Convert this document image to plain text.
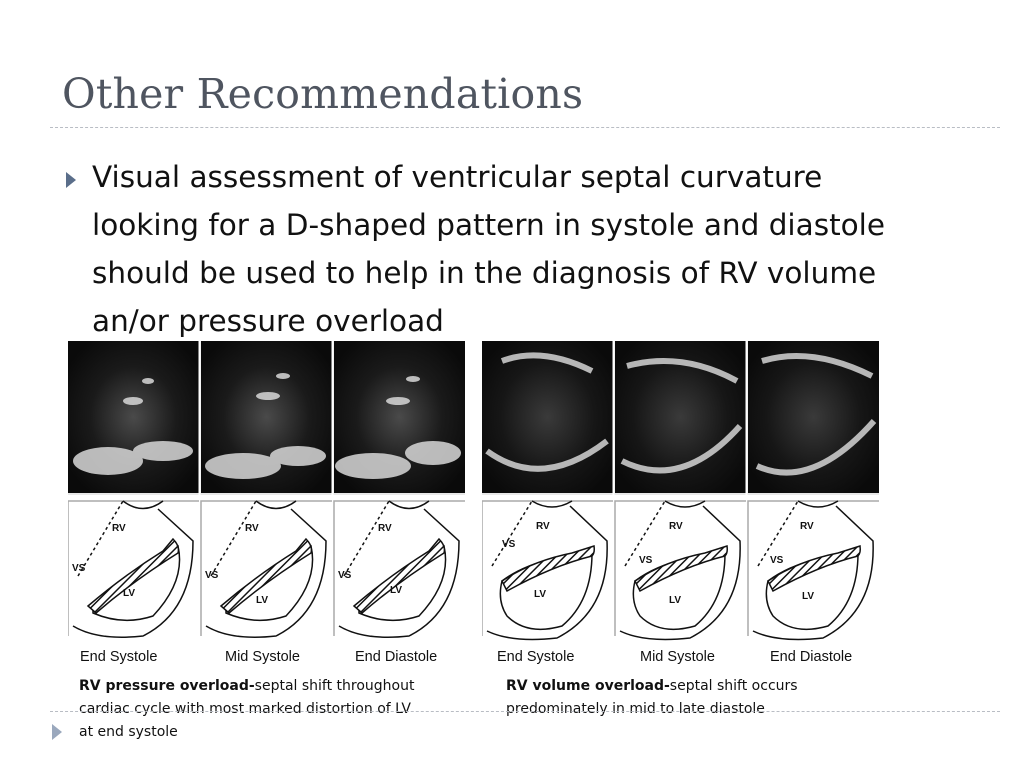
Other Recommendations
Visual assessment of ventricular septal curvature
looking for a D-shaped pattern in systole and diastole
should be used to help in the diagnosis of RV volume
an/or pressure overload
RV
VS
LV
RV
VS
LV
RV
VS
LV
RV
VS
LV
RV
VS
LV
RV
VS
LV
End Systole	Mid Systole	End Diastole	End Systole	Mid Systole	End Diastole
RV pressure overload-septal shift throughout
cardiac cycle with most marked distortion of LV
at end systole
RV volume overload-septal shift occurs
predominately in mid to late diastole
